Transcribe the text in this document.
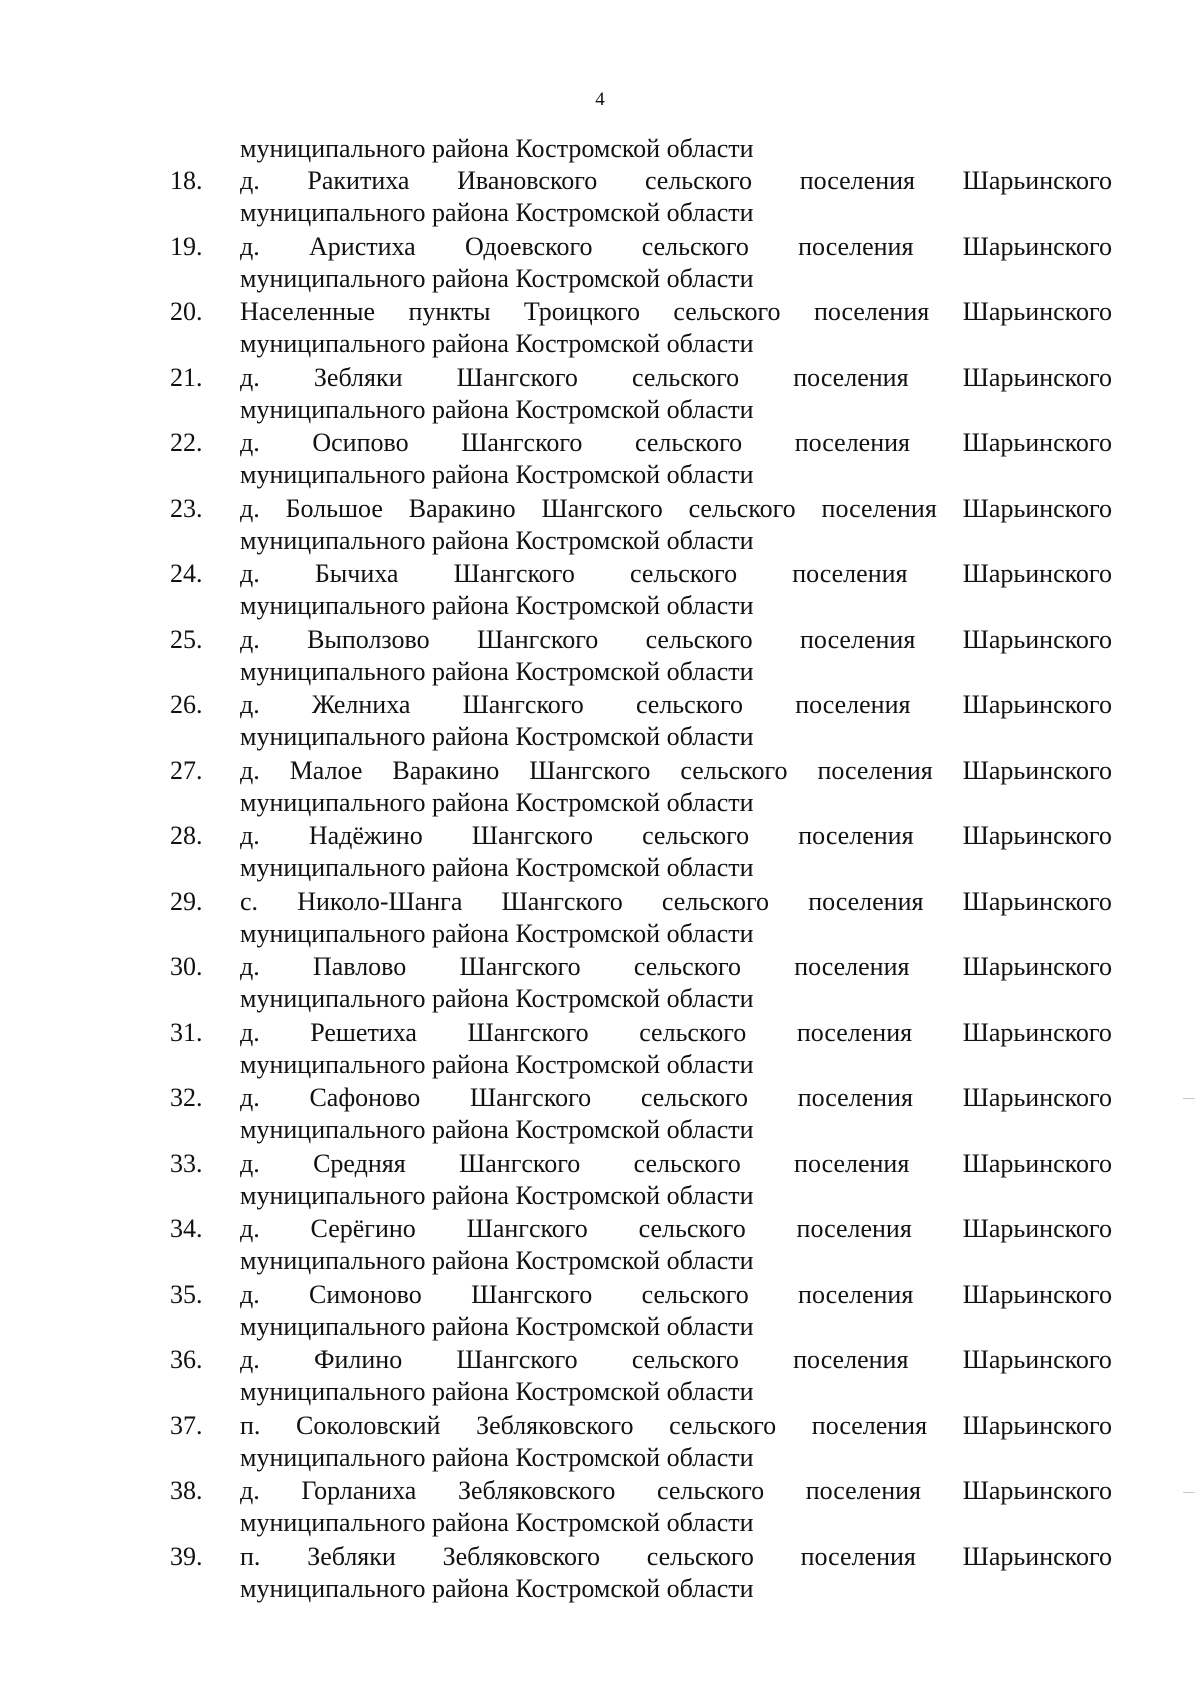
4
муниципального района Костромской области
18. д. Ракитиха Ивановского сельского поселения Шарьинского
муниципального района Костромской области
19. д. Аристиха Одоевского сельского поселения Шарьинского
муниципального района Костромской области
20. Населенные пункты Троицкого сельского поселения Шарьинского
муниципального района Костромской области
21. д. Зебляки Шангского сельского поселения Шарьинского
муниципального района Костромской области
22. д. Осипово Шангского сельского поселения Шарьинского
муниципального района Костромской области
23. д. Большое Варакино Шангского сельского поселения Шарьинского
муниципального района Костромской области
24. д. Бычиха Шангского сельского поселения Шарьинского
муниципального района Костромской области
25. д. Выползово Шангского сельского поселения Шарьинского
муниципального района Костромской области
26. д. Желниха Шангского сельского поселения Шарьинского
муниципального района Костромской области
27. д. Малое Варакино Шангского сельского поселения Шарьинского
муниципального района Костромской области
28. д. Надёжино Шангского сельского поселения Шарьинского
муниципального района Костромской области
29. с. Николо-Шанга Шангского сельского поселения Шарьинского
муниципального района Костромской области
30. д. Павлово Шангского сельского поселения Шарьинского
муниципального района Костромской области
31. д. Решетиха Шангского сельского поселения Шарьинского
муниципального района Костромской области
32. д. Сафоново Шангского сельского поселения Шарьинского
муниципального района Костромской области
33. д. Средняя Шангского сельского поселения Шарьинского
муниципального района Костромской области
34. д. Серёгино Шангского сельского поселения Шарьинского
муниципального района Костромской области
35. д. Симоново Шангского сельского поселения Шарьинского
муниципального района Костромской области
36. д. Филино Шангского сельского поселения Шарьинского
муниципального района Костромской области
37. п. Соколовский Зебляковского сельского поселения Шарьинского
муниципального района Костромской области
38. д. Горланиха Зебляковского сельского поселения Шарьинского
муниципального района Костромской области
39. п. Зебляки Зебляковского сельского поселения Шарьинского
муниципального района Костромской области
